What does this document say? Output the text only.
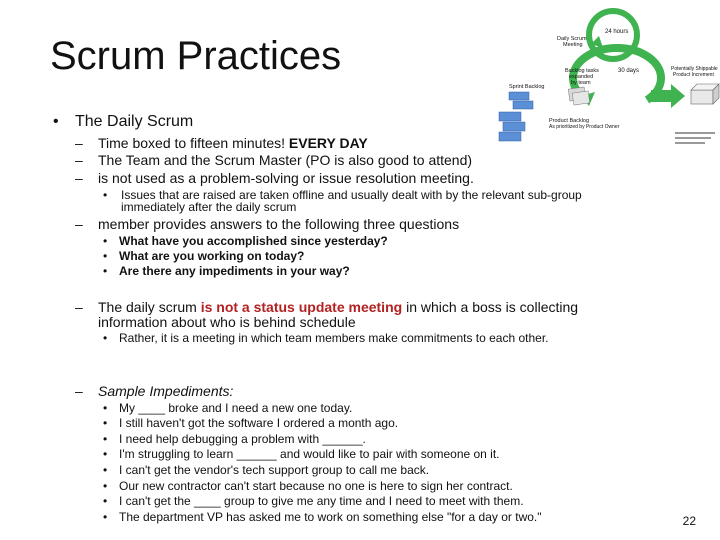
Scrum Practices
• The Daily Scrum
– Time boxed to fifteen minutes! EVERY DAY
– The Team and the Scrum Master (PO is also good to attend)
– is not used as a problem-solving or issue resolution meeting.
• Issues that are raised are taken offline and usually dealt with by the relevant sub-group
immediately after the daily scrum
– member provides answers to the following three questions
• What have you accomplished since yesterday?
• What are you working on today?
• Are there any impediments in your way?
– The daily scrum is not a status update meeting in which a boss is collecting
information about who is behind schedule
• Rather, it is a meeting in which team members make commitments to each other.
– Sample Impediments:
• My ____ broke and I need a new one today.
• I still haven't got the software I ordered a month ago.
• I need help debugging a problem with ______.
• I'm struggling to learn ______ and would like to pair with someone on it.
• I can't get the vendor's tech support group to call me back.
• Our new contractor can't start because no one is here to sign her contract.
• I can't get the ____ group to give me any time and I need to meet with them.
• The department VP has asked me to work on something else "for a day or two."	22
24 hours
30 days
Daily Scrum
Meeting
Backlog tasks
expanded
by team
Sprint Backlog
Product Backlog
As prioritized by Product Owner
Potentially Shippable
Product Increment
